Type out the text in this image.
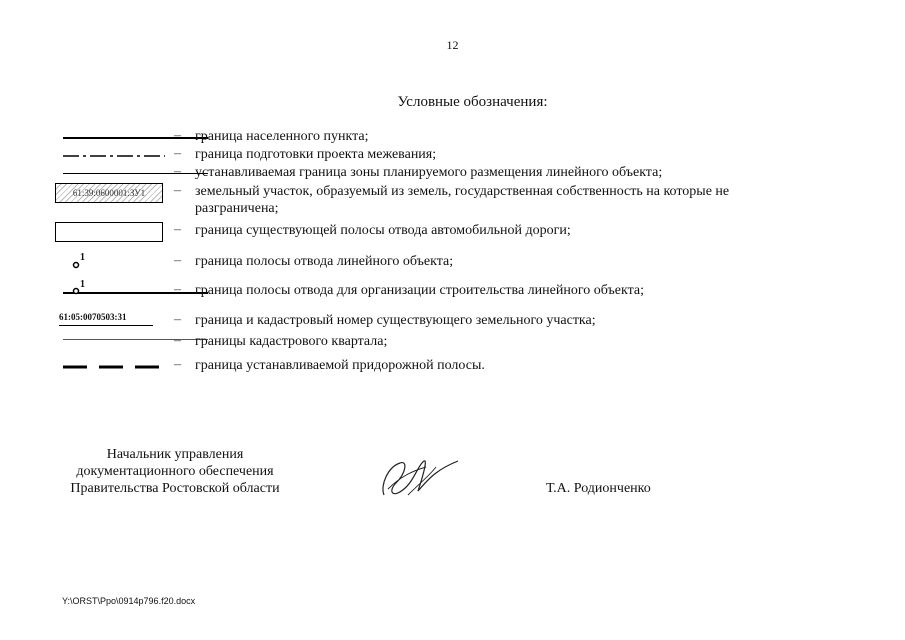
12
Условные обозначения:
– граница населенного пункта;
– граница подготовки проекта межевания;
– устанавливаемая граница зоны планируемого размещения линейного объекта;
61:39:0600001:ЗУ1	– земельный участок, образуемый из земель, государственная собственность на которые не разграничена;
– граница существующей полосы отвода автомобильной дороги;
1	– граница полосы отвода линейного объекта;
1	– граница полосы отвода для организации строительства линейного объекта;
61:05:0070503:31	– граница и кадастровый номер существующего земельного участка;
– границы кадастрового квартала;
– граница устанавливаемой придорожной полосы.
Начальник управления
документационного обеспечения
Правительства Ростовской области	Т.А. Родионченко
Y:\ORST\Ppo\0914p796.f20.docx
